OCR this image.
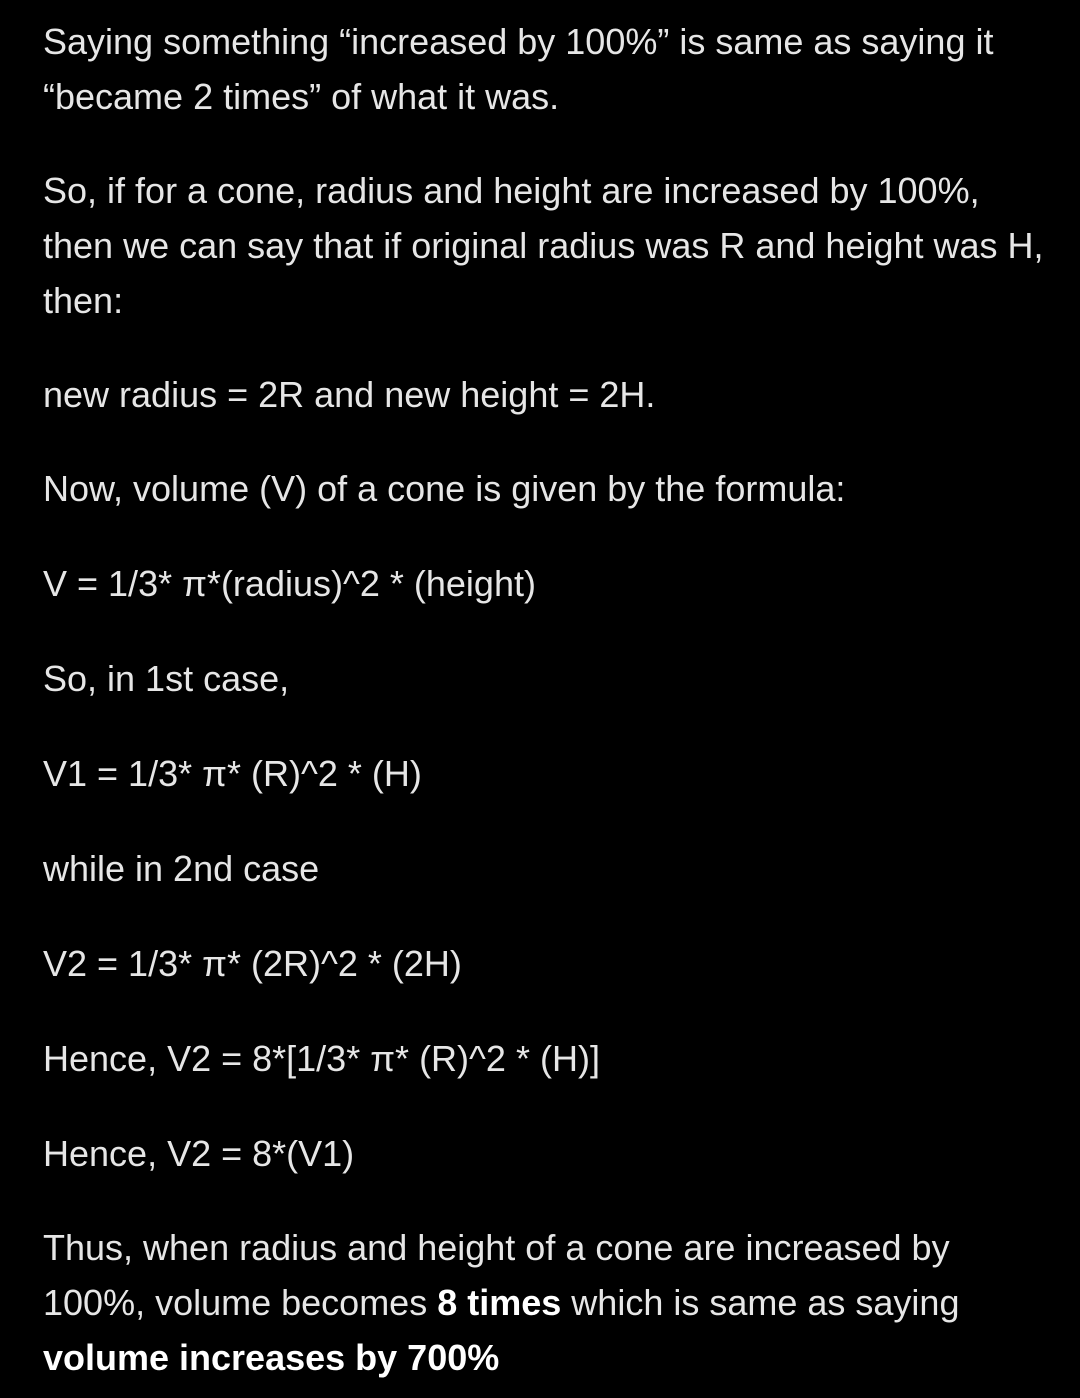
Saying something “increased by 100%” is same as saying it “became 2 times” of what it was.

So, if for a cone, radius and height are increased by 100%, then we can say that if original radius was R and height was H, then:

new radius = 2R and new height = 2H.

Now, volume (V) of a cone is given by the formula:

V = 1/3* π*(radius)^2 * (height)

So, in 1st case,

V1 = 1/3* π* (R)^2 * (H)

while in 2nd case

V2 = 1/3* π* (2R)^2 * (2H)

Hence, V2 = 8*[1/3* π* (R)^2 * (H)]

Hence, V2 = 8*(V1)

Thus, when radius and height of a cone are increased by 100%, volume becomes 8 times which is same as saying volume increases by 700%
